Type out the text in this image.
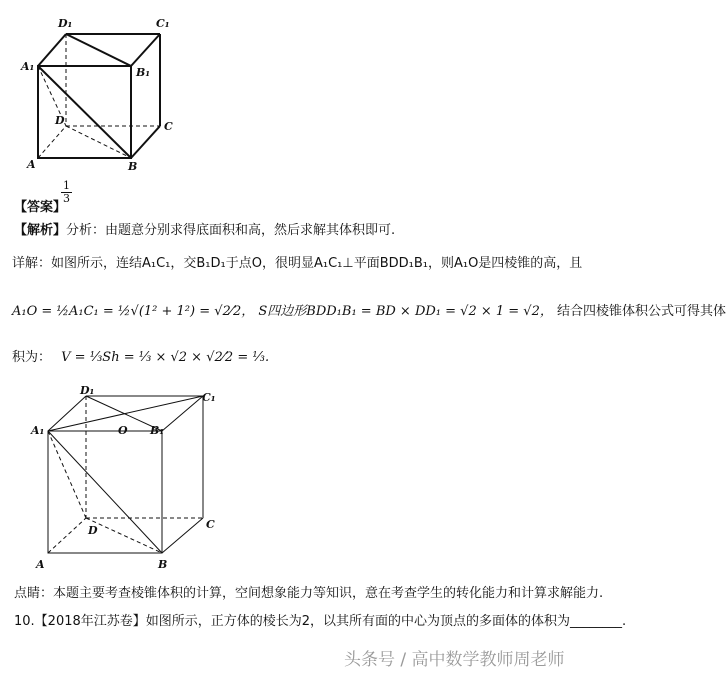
D₁	C₁
A₁	B₁
D	C
A	B
【答案】
$\frac{1}{3}$
【解析】分析：由题意分别求得底面积和高，然后求解其体积即可.
详解：如图所示，连结A₁C₁，交B₁D₁于点O，很明显A₁C₁⊥平面BDD₁B₁，则A₁O是四棱锥的高，且
A₁O = ½A₁C₁ = ½√(1² + 1²) = √2⁄2， S四边形BDD₁B₁ = BD × DD₁ = √2 × 1 = √2， 结合四棱锥体积公式可得其体
积为： V = ⅓Sh = ⅓ × √2 × √2⁄2 = ⅓.
D₁
C₁
A₁	O B₁
D	C
A	B
点睛：本题主要考查棱锥体积的计算，空间想象能力等知识，意在考查学生的转化能力和计算求解能力.
10.【2018年江苏卷】如图所示，正方体的棱长为2，以其所有面的中心为顶点的多面体的体积为________.
头条号 / 高中数学教师周老师
